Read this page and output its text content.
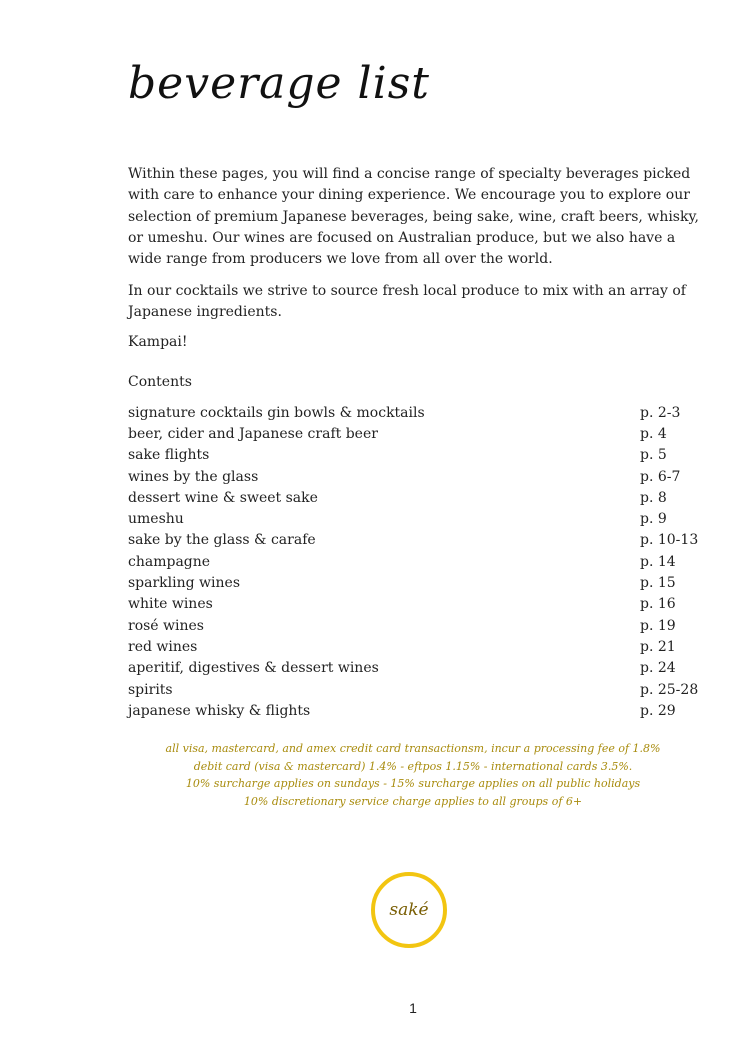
beverage list

Within these pages, you will find a concise range of specialty beverages picked with care to enhance your dining experience. We encourage you to explore our selection of premium Japanese beverages, being sake, wine, craft beers, whisky, or umeshu. Our wines are focused on Australian produce, but we also have a wide range from producers we love from all over the world.

In our cocktails we strive to source fresh local produce to mix with an array of Japanese ingredients.

Kampai!

Contents

signature cocktails gin bowls & mocktails	p. 2-3
beer, cider and Japanese craft beer	p. 4
sake flights	p. 5
wines by the glass	p. 6-7
dessert wine & sweet sake	p. 8
umeshu	p. 9
sake by the glass & carafe	p. 10-13
champagne	p. 14
sparkling wines	p. 15
white wines	p. 16
rosé wines	p. 19
red wines	p. 21
aperitif, digestives & dessert wines	p. 24
spirits	p. 25-28
japanese whisky & flights	p. 29
all visa, mastercard, and amex credit card transactionsm, incur a processing fee of 1.8%
debit card (visa & mastercard) 1.4% - eftpos 1.15% - international cards 3.5%.
10% surcharge applies on sundays - 15% surcharge applies on all public holidays
10% discretionary service charge applies to all groups of 6+
saké
1
